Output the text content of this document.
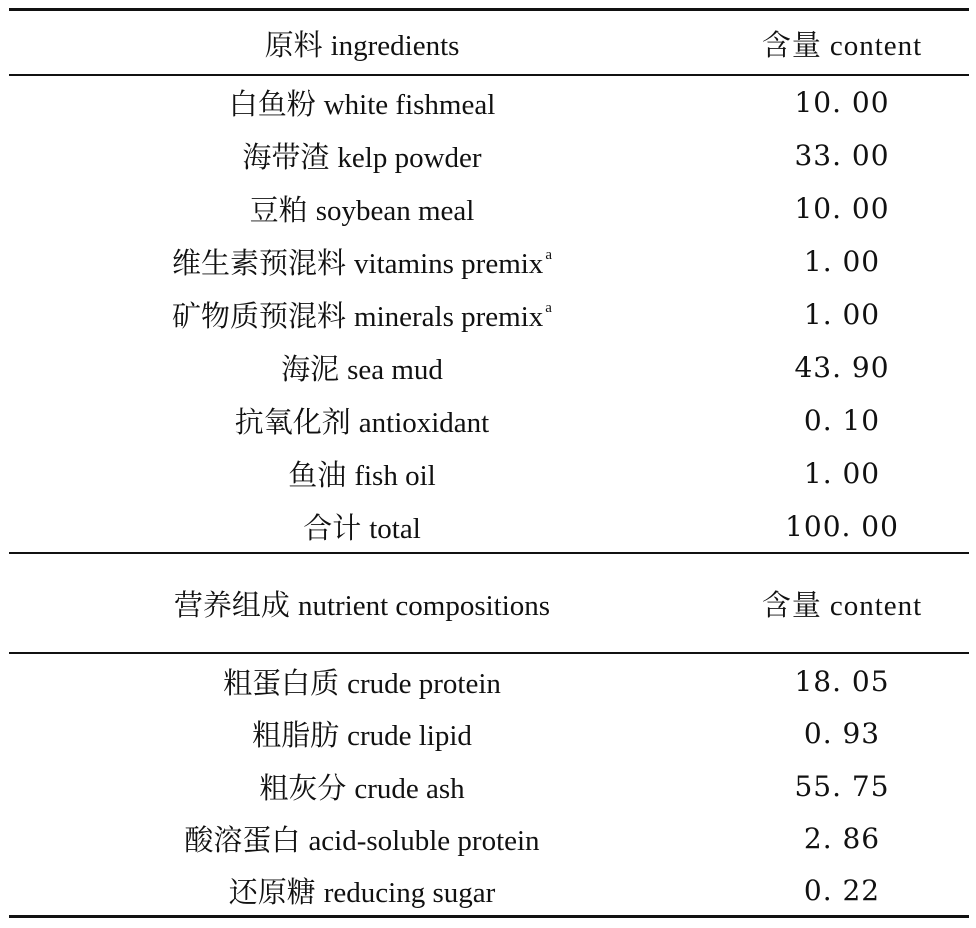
原料 ingredients	含量 content
白鱼粉 white fishmeal	10. 00
海带渣 kelp powder	33. 00
豆粕 soybean meal	10. 00
维生素预混料 vitamins premix $^a$	1. 00
矿物质预混料 minerals premix $^a$	1. 00
海泥 sea mud	43. 90
抗氧化剂 antioxidant	0. 10
鱼油 fish oil	1. 00
合计 total	100. 00
营养组成 nutrient compositions	含量 content
粗蛋白质 crude protein	18. 05
粗脂肪 crude lipid	0. 93
粗灰分 crude ash	55. 75
酸溶蛋白 acid-soluble protein	2. 86
还原糖 reducing sugar	0. 22
